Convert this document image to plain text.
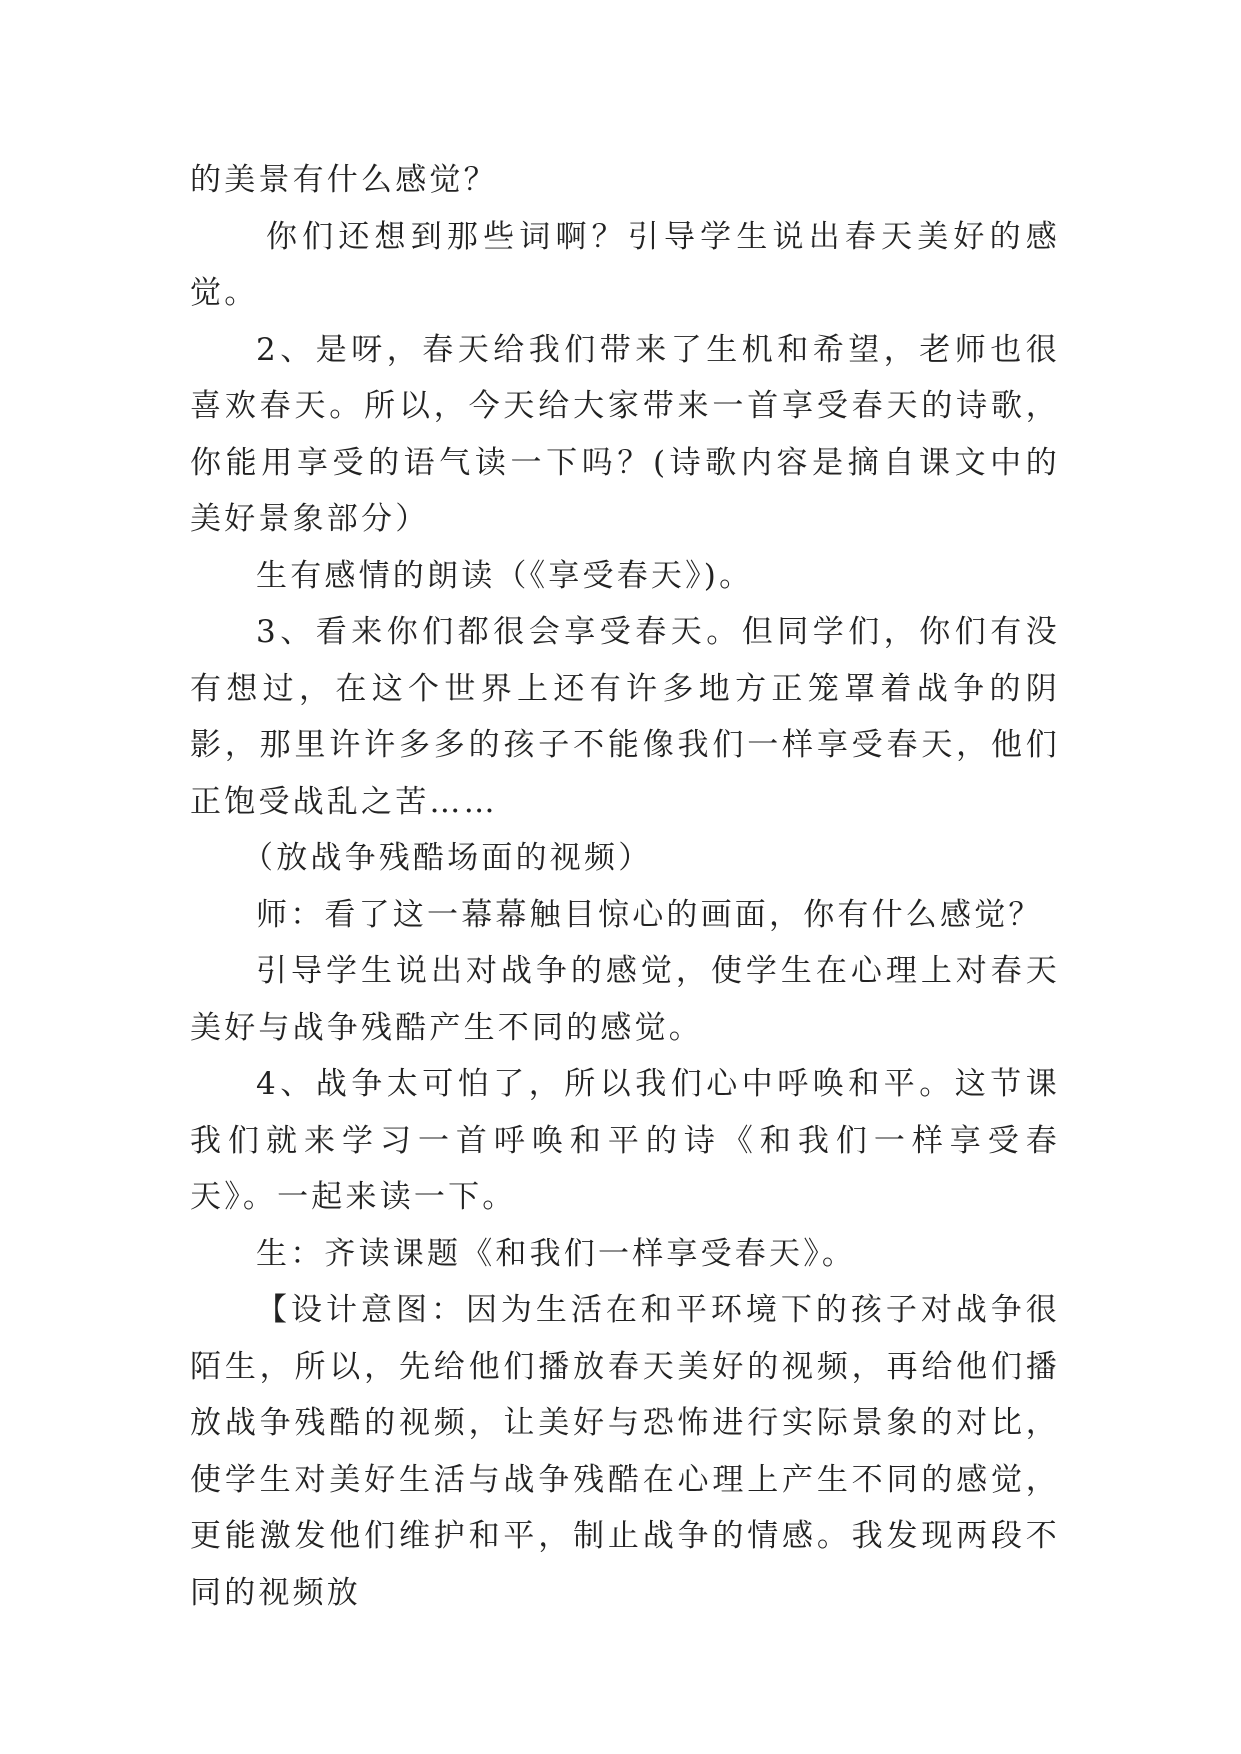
的美景有什么感觉？

你们还想到那些词啊？引导学生说出春天美好的感觉。

2、是呀，春天给我们带来了生机和希望，老师也很喜欢春天。所以，今天给大家带来一首享受春天的诗歌，你能用享受的语气读一下吗？(诗歌内容是摘自课文中的美好景象部分）

生有感情的朗读（《享受春天》)。

3、看来你们都很会享受春天。但同学们，你们有没有想过，在这个世界上还有许多地方正笼罩着战争的阴影，那里许许多多的孩子不能像我们一样享受春天，他们正饱受战乱之苦……

（放战争残酷场面的视频）

师：看了这一幕幕触目惊心的画面，你有什么感觉？

引导学生说出对战争的感觉，使学生在心理上对春天美好与战争残酷产生不同的感觉。

4、战争太可怕了，所以我们心中呼唤和平。这节课我们就来学习一首呼唤和平的诗《和我们一样享受春天》。一起来读一下。

生：齐读课题《和我们一样享受春天》。

【设计意图：因为生活在和平环境下的孩子对战争很陌生，所以，先给他们播放春天美好的视频，再给他们播放战争残酷的视频，让美好与恐怖进行实际景象的对比，使学生对美好生活与战争残酷在心理上产生不同的感觉，更能激发他们维护和平，制止战争的情感。我发现两段不同的视频放
